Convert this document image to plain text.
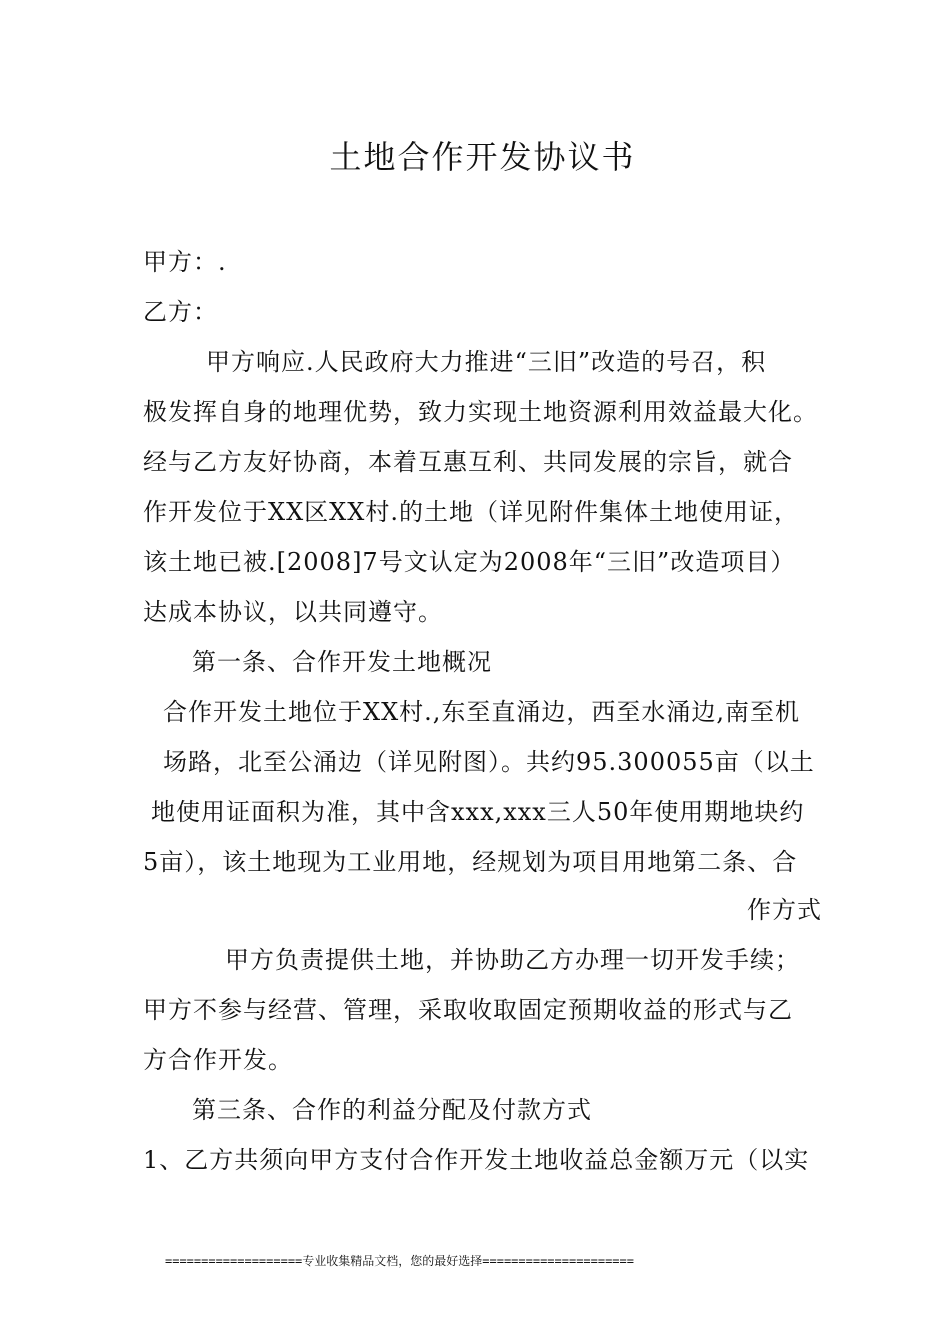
土地合作开发协议书
甲方：.
乙方：
甲方响应.人民政府大力推进“三旧”改造的号召，积
极发挥自身的地理优势，致力实现土地资源利用效益最大化。
经与乙方友好协商，本着互惠互利、共同发展的宗旨，就合
作开发位于XX区XX村.的土地（详见附件集体土地使用证，
该土地已被.[2008]7号文认定为2008年“三旧”改造项目）
达成本协议，以共同遵守。
第一条、合作开发土地概况
合作开发土地位于XX村.,东至直涌边，西至水涌边,南至机
场路，北至公涌边（详见附图）。共约95.300055亩（以土
地使用证面积为准，其中含xxx,xxx三人50年使用期地块约
5亩），该土地现为工业用地，经规划为项目用地第二条、合
作方式
甲方负责提供土地，并协助乙方办理一切开发手续；
甲方不参与经营、管理，采取收取固定预期收益的形式与乙
方合作开发。
第三条、合作的利益分配及付款方式
1、乙方共须向甲方支付合作开发土地收益总金额万元（以实
===================专业收集精品文档，您的最好选择=====================
